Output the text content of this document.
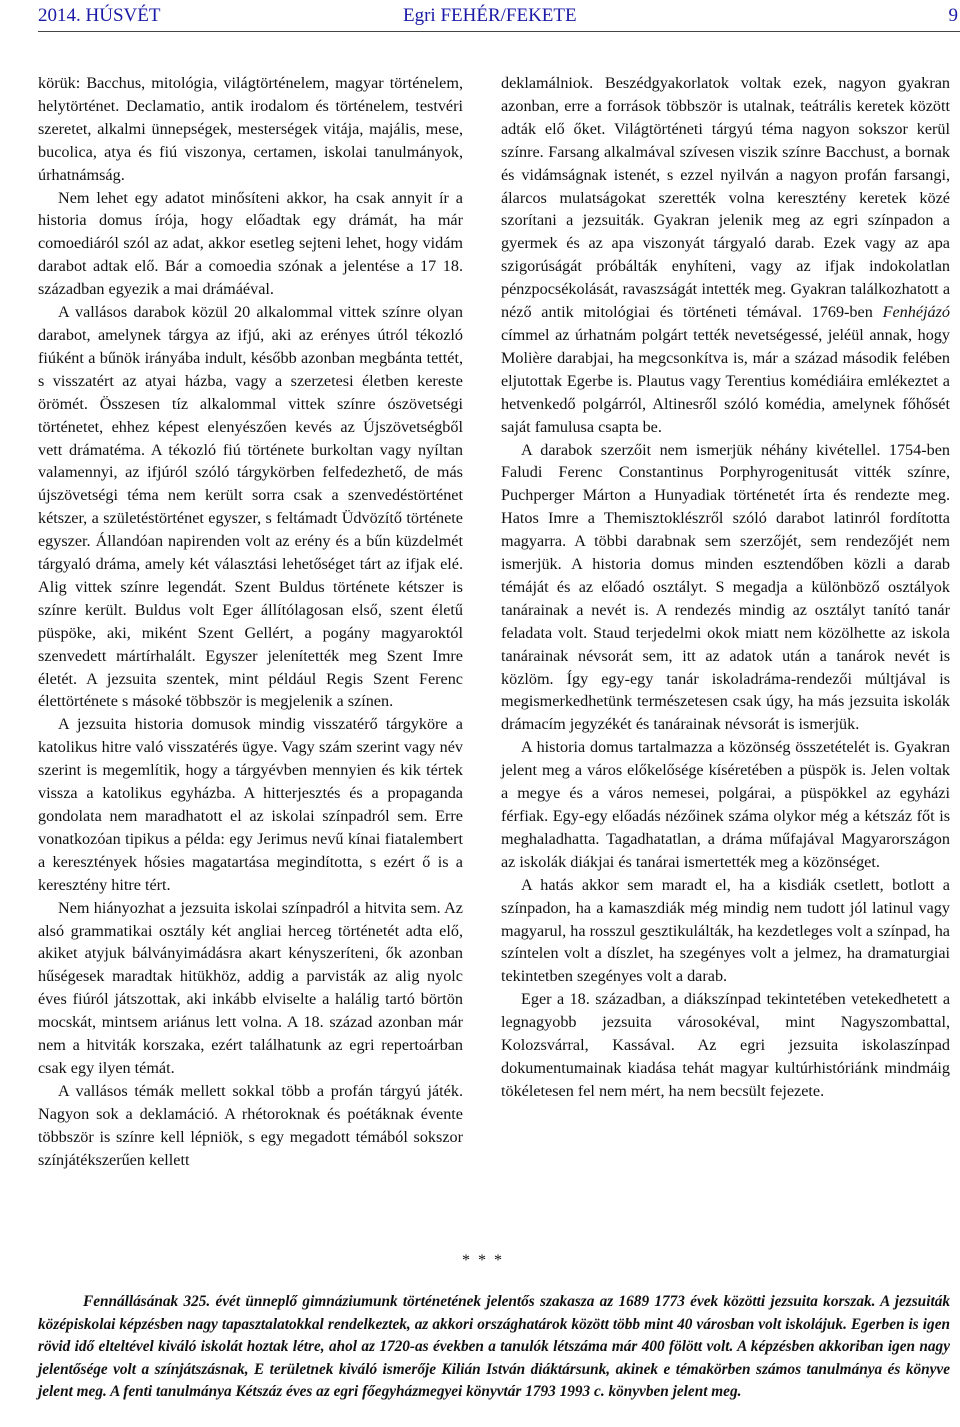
2014. HÚSVÉT	Egri FEHÉR/FEKETE	9

körük: Bacchus, mitológia, világtörténelem, magyar történelem, helytörténet. Declamatio, antik irodalom és történelem, testvéri szeretet, alkalmi ünnepségek, mesterségek vitája, majális, mese, bucolica, atya és fiú viszonya, certamen, iskolai tanulmányok, úrhatnámság.

Nem lehet egy adatot minősíteni akkor, ha csak annyit ír a historia domus írója, hogy előadtak egy drámát, ha már comoediáról szól az adat, akkor esetleg sejteni lehet, hogy vidám darabot adtak elő. Bár a comoedia szónak a jelentése a 17 18. században egyezik a mai drámáéval.

A vallásos darabok közül 20 alkalommal vittek színre olyan darabot, amelynek tárgya az ifjú, aki az erényes útról tékozló fiúként a bűnök irányába indult, később azonban megbánta tettét, s visszatért az atyai házba, vagy a szerzetesi életben kereste örömét. Összesen tíz alkalommal vittek színre ószövetségi történetet, ehhez képest elenyészően kevés az Újszövetségből vett drámatéma. A tékozló fiú története burkoltan vagy nyíltan valamennyi, az ifjúról szóló tárgykörben felfedezhető, de más újszövetségi téma nem került sorra csak a szenvedéstörténet kétszer, a születéstörténet egyszer, s feltámadt Üdvözítő története egyszer. Állandóan napirenden volt az erény és a bűn küzdelmét tárgyaló dráma, amely két választási lehetőséget tárt az ifjak elé. Alig vittek színre legendát. Szent Buldus története kétszer is színre került. Buldus volt Eger állítólagosan első, szent életű püspöke, aki, miként Szent Gellért, a pogány magyaroktól szenvedett mártírhalált. Egyszer jelenítették meg Szent Imre életét. A jezsuita szentek, mint például Regis Szent Ferenc élettörténete s másoké többször is megjelenik a színen.

A jezsuita historia domusok mindig visszatérő tárgyköre a katolikus hitre való visszatérés ügye. Vagy szám szerint vagy név szerint is megemlítik, hogy a tárgyévben mennyien és kik tértek vissza a katolikus egyházba. A hitterjesztés és a propaganda gondolata nem maradhatott el az iskolai színpadról sem. Erre vonatkozóan tipikus a példa: egy Jerimus nevű kínai fiatalembert a keresztények hősies magatartása megindította, s ezért ő is a keresztény hitre tért.

Nem hiányozhat a jezsuita iskolai színpadról a hitvita sem. Az alsó grammatikai osztály két angliai herceg történetét adta elő, akiket atyjuk bálványimádásra akart kényszeríteni, ők azonban hűségesek maradtak hitükhöz, addig a parvisták az alig nyolc éves fiúról játszottak, aki inkább elviselte a halálig tartó börtön mocskát, mintsem ariánus lett volna. A 18. század azonban már nem a hitviták korszaka, ezért találhatunk az egri repertoárban csak egy ilyen témát.

A vallásos témák mellett sokkal több a profán tárgyú játék. Nagyon sok a deklamáció. A rhétoroknak és poétáknak évente többször is színre kell lépniök, s egy megadott témából sokszor színjátékszerűen kellett

deklamálniok. Beszédgyakorlatok voltak ezek, nagyon gyakran azonban, erre a források többször is utalnak, teátrális keretek között adták elő őket. Világtörténeti tárgyú téma nagyon sokszor kerül színre. Farsang alkalmával szívesen viszik színre Bacchust, a bornak és vidámságnak istenét, s ezzel nyilván a nagyon profán farsangi, álarcos mulatságokat szerették volna keresztény keretek közé szorítani a jezsuiták. Gyakran jelenik meg az egri színpadon a gyermek és az apa viszonyát tárgyaló darab. Ezek vagy az apa szigorúságát próbálták enyhíteni, vagy az ifjak indokolatlan pénzpocsékolását, ravaszságát intették meg. Gyakran találkozhatott a néző antik mitológiai és történeti témával. 1769-ben Fenhéjázó címmel az úrhatnám polgárt tették nevetségessé, jeléül annak, hogy Molière darabjai, ha megcsonkítva is, már a század második felében eljutottak Egerbe is. Plautus vagy Terentius komédiáira emlékeztet a hetvenkedő polgárról, Altinesről szóló komédia, amelynek főhősét saját famulusa csapta be.

A darabok szerzőit nem ismerjük néhány kivétellel. 1754-ben Faludi Ferenc Constantinus Porphyrogenitusát vitték színre, Puchperger Márton a Hunyadiak történetét írta és rendezte meg. Hatos Imre a Themisztoklészről szóló darabot latinról fordította magyarra. A többi darabnak sem szerzőjét, sem rendezőjét nem ismerjük. A historia domus minden esztendőben közli a darab témáját és az előadó osztályt. S megadja a különböző osztályok tanárainak a nevét is. A rendezés mindig az osztályt tanító tanár feladata volt. Staud terjedelmi okok miatt nem közölhette az iskola tanárainak névsorát sem, itt az adatok után a tanárok nevét is közlöm. Így egy-egy tanár iskoladráma-rendezői múltjával is megismerkedhetünk természetesen csak úgy, ha más jezsuita iskolák drámacím jegyzékét és tanárainak névsorát is ismerjük.

A historia domus tartalmazza a közönség összetételét is. Gyakran jelent meg a város előkelősége kíséretében a püspök is. Jelen voltak a megye és a város nemesei, polgárai, a püspökkel az egyházi férfiak. Egy-egy előadás nézőinek száma olykor még a kétszáz főt is meghaladhatta. Tagadhatatlan, a dráma műfajával Magyarországon az iskolák diákjai és tanárai ismertették meg a közönséget.

A hatás akkor sem maradt el, ha a kisdiák csetlett, botlott a színpadon, ha a kamaszdiák még mindig nem tudott jól latinul vagy magyarul, ha rosszul gesztikulálták, ha kezdetleges volt a színpad, ha színtelen volt a díszlet, ha szegényes volt a jelmez, ha dramaturgiai tekintetben szegényes volt a darab.

Eger a 18. században, a diákszínpad tekintetében vetekedhetett a legnagyobb jezsuita városokéval, mint Nagyszombattal, Kolozsvárral, Kassával. Az egri jezsuita iskolaszínpad dokumentumainak kiadása tehát magyar kultúrhistóriánk mindmáig tökéletesen fel nem mért, ha nem becsült fejezete.

* * *

Fennállásának 325. évét ünneplő gimnáziumunk történetének jelentős szakasza az 1689 1773 évek közötti jezsuita korszak. A jezsuiták középiskolai képzésben nagy tapasztalatokkal rendelkeztek, az akkori országhatárok között több mint 40 városban volt iskolájuk. Egerben is igen rövid idő elteltével kiváló iskolát hoztak létre, ahol az 1720-as években a tanulók létszáma már 400 fölött volt. A képzésben akkoriban igen nagy jelentősége volt a színjátszásnak, E területnek kiváló ismerője Kilián István diáktársunk, akinek e témakörben számos tanulmánya és könyve jelent meg. A fenti tanulmánya Kétszáz éves az egri főegyházmegyei könyvtár 1793 1993 c. könyvben jelent meg.
